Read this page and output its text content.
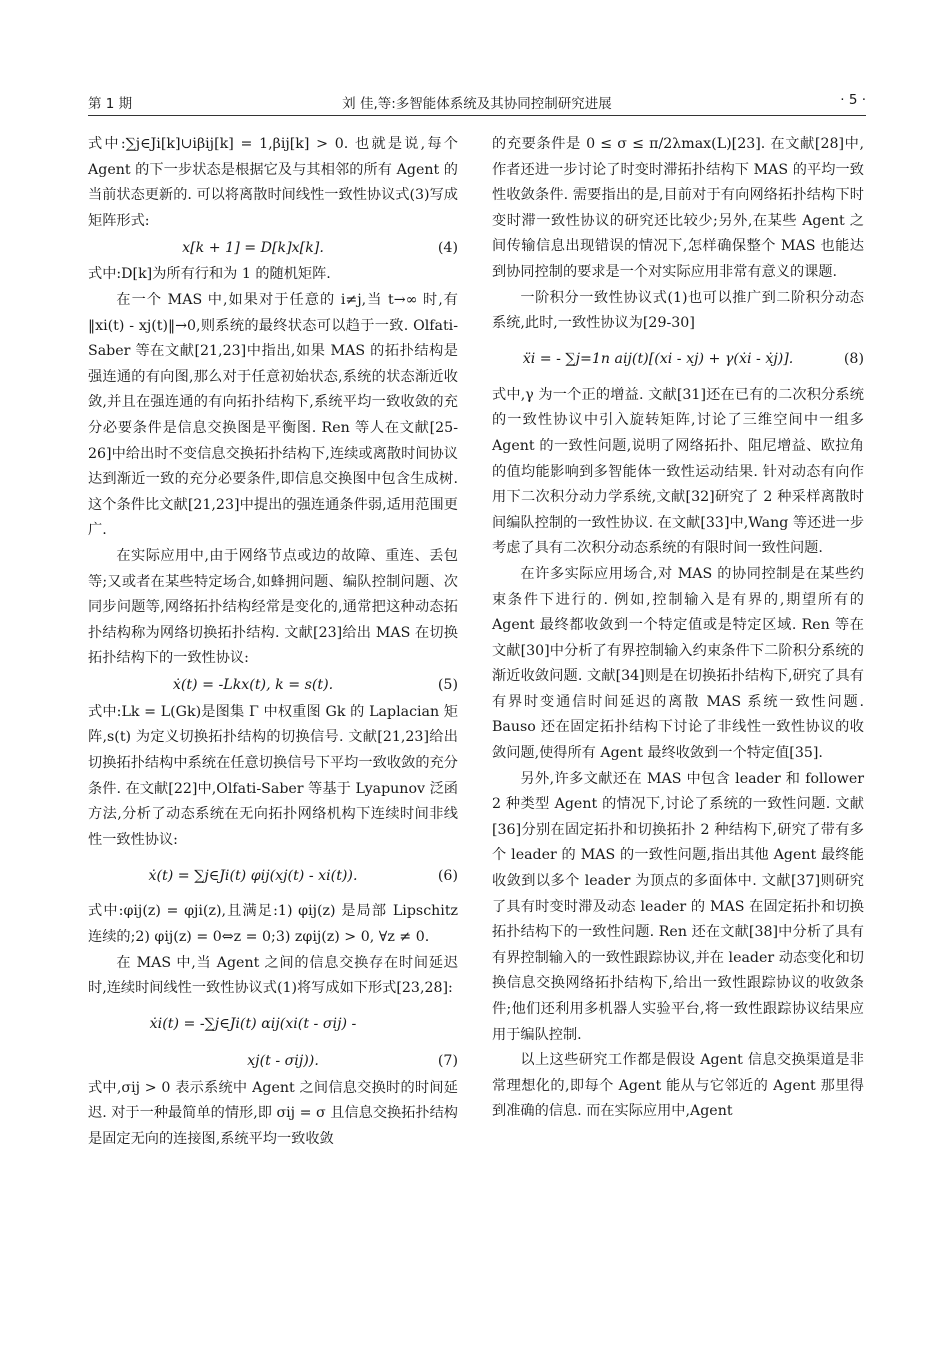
第 1 期	刘 佳,等:多智能体系统及其协同控制研究进展	· 5 ·

式中:∑j∈Ji[k]∪iβij[k] = 1,βij[k] > 0. 也就是说,每个 Agent 的下一步状态是根据它及与其相邻的所有 Agent 的当前状态更新的. 可以将离散时间线性一致性协议式(3)写成矩阵形式:

x[k + 1] = D[k]x[k].	(4)

式中:D[k]为所有行和为 1 的随机矩阵.

在一个 MAS 中,如果对于任意的 i≠j,当 t→∞ 时,有 ‖xi(t) - xj(t)‖→0,则系统的最终状态可以趋于一致. Olfati-Saber 等在文献[21,23]中指出,如果 MAS 的拓扑结构是强连通的有向图,那么对于任意初始状态,系统的状态渐近收敛,并且在强连通的有向拓扑结构下,系统平均一致收敛的充分必要条件是信息交换图是平衡图. Ren 等人在文献[25-26]中给出时不变信息交换拓扑结构下,连续或离散时间协议达到渐近一致的充分必要条件,即信息交换图中包含生成树. 这个条件比文献[21,23]中提出的强连通条件弱,适用范围更广.

在实际应用中,由于网络节点或边的故障、重连、丢包等;又或者在某些特定场合,如蜂拥问题、编队控制问题、次同步问题等,网络拓扑结构经常是变化的,通常把这种动态拓扑结构称为网络切换拓扑结构. 文献[23]给出 MAS 在切换拓扑结构下的一致性协议:

ẋ(t) = -Lkx(t), k = s(t).	(5)

式中:Lk = L(Gk)是图集 Γ 中权重图 Gk 的 Laplacian 矩阵,s(t) 为定义切换拓扑结构的切换信号. 文献[21,23]给出切换拓扑结构中系统在任意切换信号下平均一致收敛的充分条件. 在文献[22]中,Olfati-Saber 等基于 Lyapunov 泛函方法,分析了动态系统在无向拓扑网络机构下连续时间非线性一致性协议:

ẋ(t) = ∑j∈Ji(t) φij(xj(t) - xi(t)).	(6)

式中:φij(z) = φji(z),且满足:1) φij(z) 是局部 Lipschitz 连续的;2) φij(z) = 0⇔z = 0;3) zφij(z) > 0, ∀z ≠ 0.

在 MAS 中,当 Agent 之间的信息交换存在时间延迟时,连续时间线性一致性协议式(1)将写成如下形式[23,28]:

ẋi(t) = -∑j∈Ji(t) αij(xi(t - σij) -
xj(t - σij)).	(7)

式中,σij > 0 表示系统中 Agent 之间信息交换时的时间延迟. 对于一种最简单的情形,即 σij = σ 且信息交换拓扑结构是固定无向的连接图,系统平均一致收敛

的充要条件是 0 ≤ σ ≤ π/2λmax(L)[23]. 在文献[28]中,作者还进一步讨论了时变时滞拓扑结构下 MAS 的平均一致性收敛条件. 需要指出的是,目前对于有向网络拓扑结构下时变时滞一致性协议的研究还比较少;另外,在某些 Agent 之间传输信息出现错误的情况下,怎样确保整个 MAS 也能达到协同控制的要求是一个对实际应用非常有意义的课题.

一阶积分一致性协议式(1)也可以推广到二阶积分动态系统,此时,一致性协议为[29-30]

ẍi = - ∑j=1n aij(t)[(xi - xj) + γ(ẋi - ẋj)].	(8)

式中,γ 为一个正的增益. 文献[31]还在已有的二次积分系统的一致性协议中引入旋转矩阵,讨论了三维空间中一组多 Agent 的一致性问题,说明了网络拓扑、阻尼增益、欧拉角的值均能影响到多智能体一致性运动结果. 针对动态有向作用下二次积分动力学系统,文献[32]研究了 2 种采样离散时间编队控制的一致性协议. 在文献[33]中,Wang 等还进一步考虑了具有二次积分动态系统的有限时间一致性问题.

在许多实际应用场合,对 MAS 的协同控制是在某些约束条件下进行的. 例如,控制输入是有界的,期望所有的 Agent 最终都收敛到一个特定值或是特定区域. Ren 等在文献[30]中分析了有界控制输入约束条件下二阶积分系统的渐近收敛问题. 文献[34]则是在切换拓扑结构下,研究了具有有界时变通信时间延迟的离散 MAS 系统一致性问题. Bauso 还在固定拓扑结构下讨论了非线性一致性协议的收敛问题,使得所有 Agent 最终收敛到一个特定值[35].

另外,许多文献还在 MAS 中包含 leader 和 follower 2 种类型 Agent 的情况下,讨论了系统的一致性问题. 文献[36]分别在固定拓扑和切换拓扑 2 种结构下,研究了带有多个 leader 的 MAS 的一致性问题,指出其他 Agent 最终能收敛到以多个 leader 为顶点的多面体中. 文献[37]则研究了具有时变时滞及动态 leader 的 MAS 在固定拓扑和切换拓扑结构下的一致性问题. Ren 还在文献[38]中分析了具有有界控制输入的一致性跟踪协议,并在 leader 动态变化和切换信息交换网络拓扑结构下,给出一致性跟踪协议的收敛条件;他们还利用多机器人实验平台,将一致性跟踪协议结果应用于编队控制.

以上这些研究工作都是假设 Agent 信息交换渠道是非常理想化的,即每个 Agent 能从与它邻近的 Agent 那里得到准确的信息. 而在实际应用中,Agent
